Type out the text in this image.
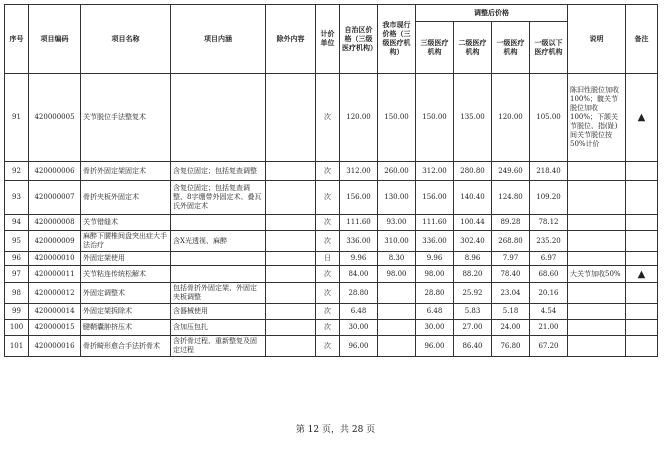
序号	项目编码	项目名称	项目内涵	除外内容	计价单位	自治区价格（三级医疗机构）	我市现行价格（三级医疗机构）	调整后价格				说明	备注
								三级医疗机构	二级医疗机构	一级医疗机构	一级以下医疗机构		
91	420000005	关节脱位手法整复术			次	120.00	150.00	150.00	135.00	120.00	105.00	陈旧性脱位加收100%；髋关节脱位加收100%；下颌关节脱位、指(趾)间关节脱位按50%计价	▲
92	420000006	骨折外固定架固定术	含复位固定；包括复查调整		次	312.00	260.00	312.00	280.80	249.60	218.40		
93	420000007	骨折夹板外固定术	含复位固定；包括复查调整、8字绷带外固定术、叠瓦氏外固定术		次	156.00	130.00	156.00	140.40	124.80	109.20		
94	420000008	关节错缝术			次	111.60	93.00	111.60	100.44	89.28	78.12		
95	420000009	麻醉下腰椎间盘突出症大手法治疗	含X光透视、麻醉		次	336.00	310.00	336.00	302.40	268.80	235.20		
96	420000010	外固定架使用			日	9.96	8.30	9.96	8.96	7.97	6.97		
97	420000011	关节粘连传统松解术			次	84.00	98.00	98.00	88.20	78.40	68.60	大关节加收50%	▲
98	420000012	外固定调整术	包括骨折外固定架、外固定夹板调整		次	28.80		28.80	25.92	23.04	20.16		
99	420000014	外固定架拆除术	含器械使用		次	6.48		6.48	5.83	5.18	4.54		
100	420000015	腱鞘囊肿挤压术	含加压包扎		次	30.00		30.00	27.00	24.00	21.00		
101	420000016	骨折畸形愈合手法折骨术	含折骨过程、重新整复及固定过程		次	96.00		96.00	86.40	76.80	67.20		
第 12 页，共 28 页
